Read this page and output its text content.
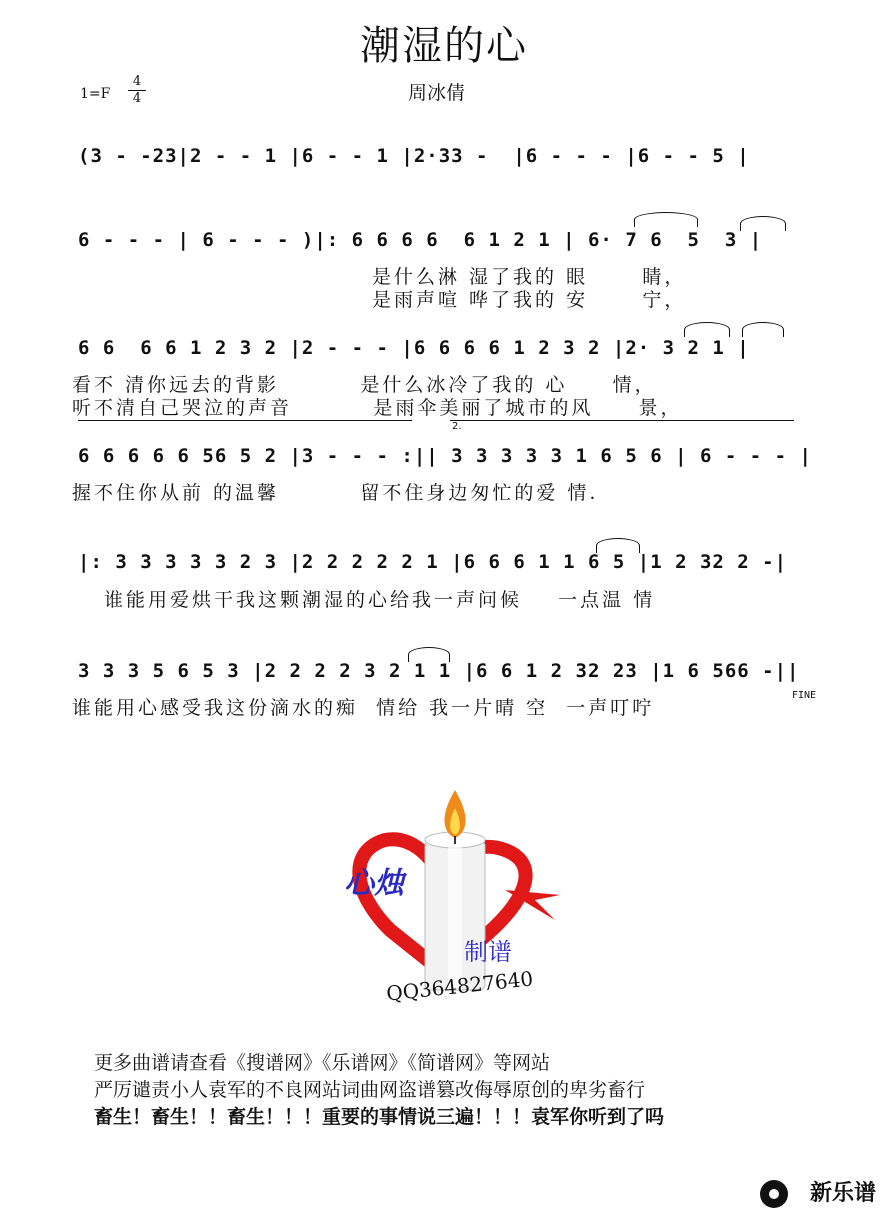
潮湿的心
周冰倩
1=F
4
4
(3 - -23|2 - - 1 |6 - - 1 |2·33 -  |6 - - - |6 - - 5 |
6 - - - | 6 - - - )|: 6 6 6 6  6 1 2 1 | 6· 7 6  5  3 |
是什么淋 湿了我的 眼      睛，
是雨声喧 哗了我的 安      宁，
6 6  6 6 1 2 3 2 |2 - - - |6 6 6 6 1 2 3 2 |2· 3 2 1 |
看不 清你远去的背影         是什么冰冷了我的 心     情，
听不清自己哭泣的声音         是雨伞美丽了城市的风     景，
2.
6 6 6 6 6 56 5 2 |3 - - - :|| 3 3 3 3 3 1 6 5 6 | 6 - - - |
握不住你从前 的温馨         留不住身边匆忙的爱 情.
|: 3 3 3 3 3 2 3 |2 2 2 2 2 1 |6 6 6 1 1 6 5 |1 2 32 2 -|
谁能用爱烘干我这颗潮湿的心给我一声问候    一点温 情
3 3 3 5 6 5 3 |2 2 2 2 3 2 1 1 |6 6 1 2 32 23 |1 6 566 -||
谁能用心感受我这份滴水的痴  情给 我一片晴 空  一声叮咛
FINE
心烛
制谱
QQ364827640
更多曲谱请查看《搜谱网》《乐谱网》《简谱网》等网站
严厉谴责小人袁军的不良网站词曲网盗谱篡改侮辱原创的卑劣畜行
畜生！畜生！！畜生！！！重要的事情说三遍！！！袁军你听到了吗
新乐谱
